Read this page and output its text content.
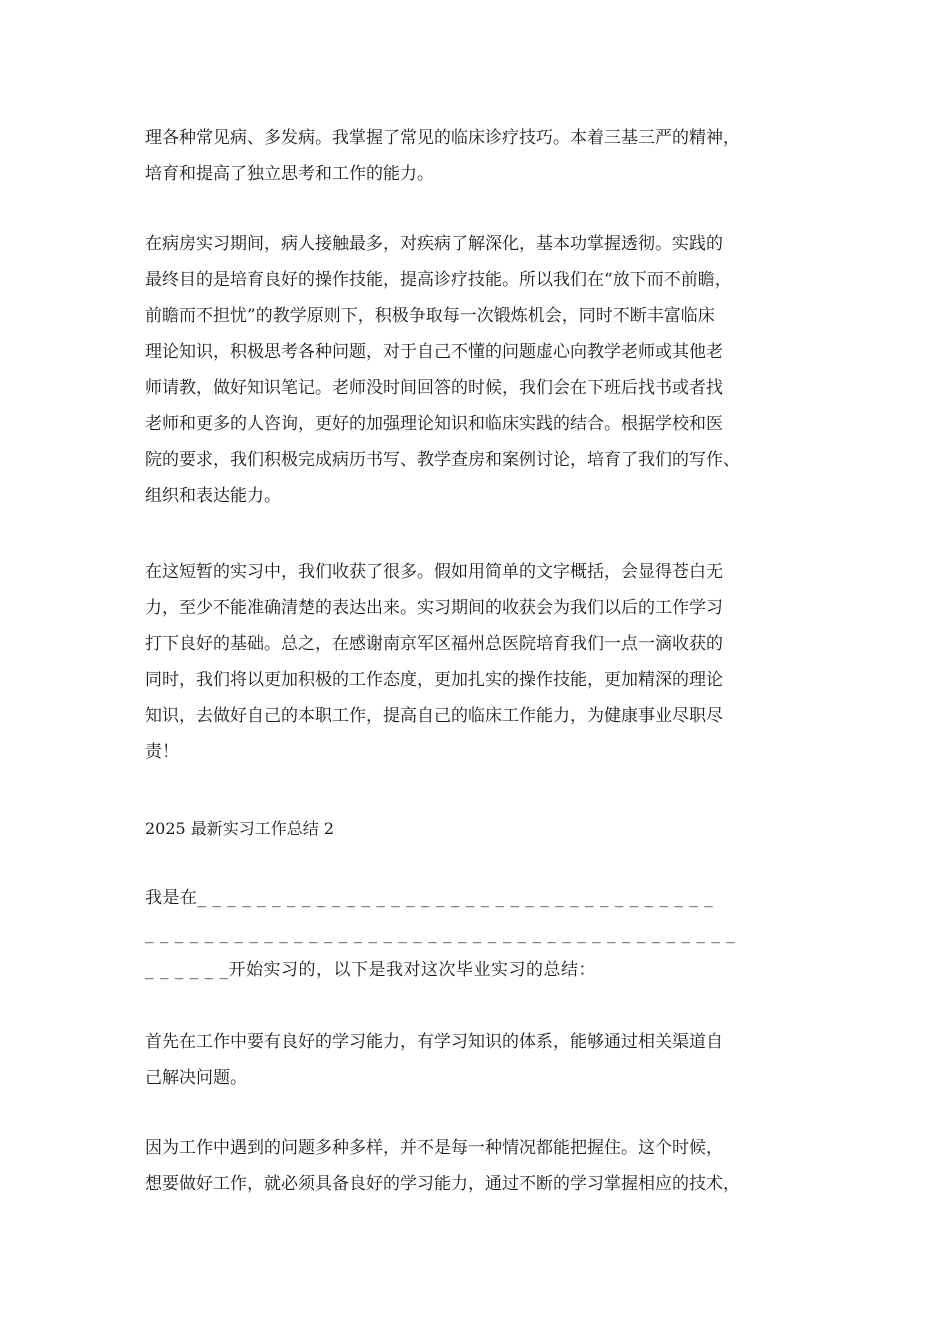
理各种常见病、多发病。我掌握了常见的临床诊疗技巧。本着三基三严的精神，
培育和提高了独立思考和工作的能力。
在病房实习期间，病人接触最多，对疾病了解深化，基本功掌握透彻。实践的
最终目的是培育良好的操作技能，提高诊疗技能。所以我们在“放下而不前瞻，
前瞻而不担忧”的教学原则下，积极争取每一次锻炼机会，同时不断丰富临床
理论知识，积极思考各种问题，对于自己不懂的问题虚心向教学老师或其他老
师请教，做好知识笔记。老师没时间回答的时候，我们会在下班后找书或者找
老师和更多的人咨询，更好的加强理论知识和临床实践的结合。根据学校和医
院的要求，我们积极完成病历书写、教学查房和案例讨论，培育了我们的写作、
组织和表达能力。
在这短暂的实习中，我们收获了很多。假如用简单的文字概括，会显得苍白无
力，至少不能准确清楚的表达出来。实习期间的收获会为我们以后的工作学习
打下良好的基础。总之，在感谢南京军区福州总医院培育我们一点一滴收获的
同时，我们将以更加积极的工作态度，更加扎实的操作技能，更加精深的理论
知识，去做好自己的本职工作，提高自己的临床工作能力，为健康事业尽职尽
责！
2025 最新实习工作总结 2
我是在_ _ _ _ _ _ _ _ _ _ _ _ _ _ _ _ _ _ _ _ _ _ _ _ _ _ _ _ _ _ _ _ _ _ _
_ _ _ _ _ _ _ _ _ _ _ _ _ _ _ _ _ _ _ _ _ _ _ _ _ _ _ _ _ _ _ _ _ _ _ _ _ _ _ _
_ _ _ _ _ _开始实习的，以下是我对这次毕业实习的总结：
首先在工作中要有良好的学习能力，有学习知识的体系，能够通过相关渠道自
己解决问题。
因为工作中遇到的问题多种多样，并不是每一种情况都能把握住。这个时候，
想要做好工作，就必须具备良好的学习能力，通过不断的学习掌握相应的技术，
